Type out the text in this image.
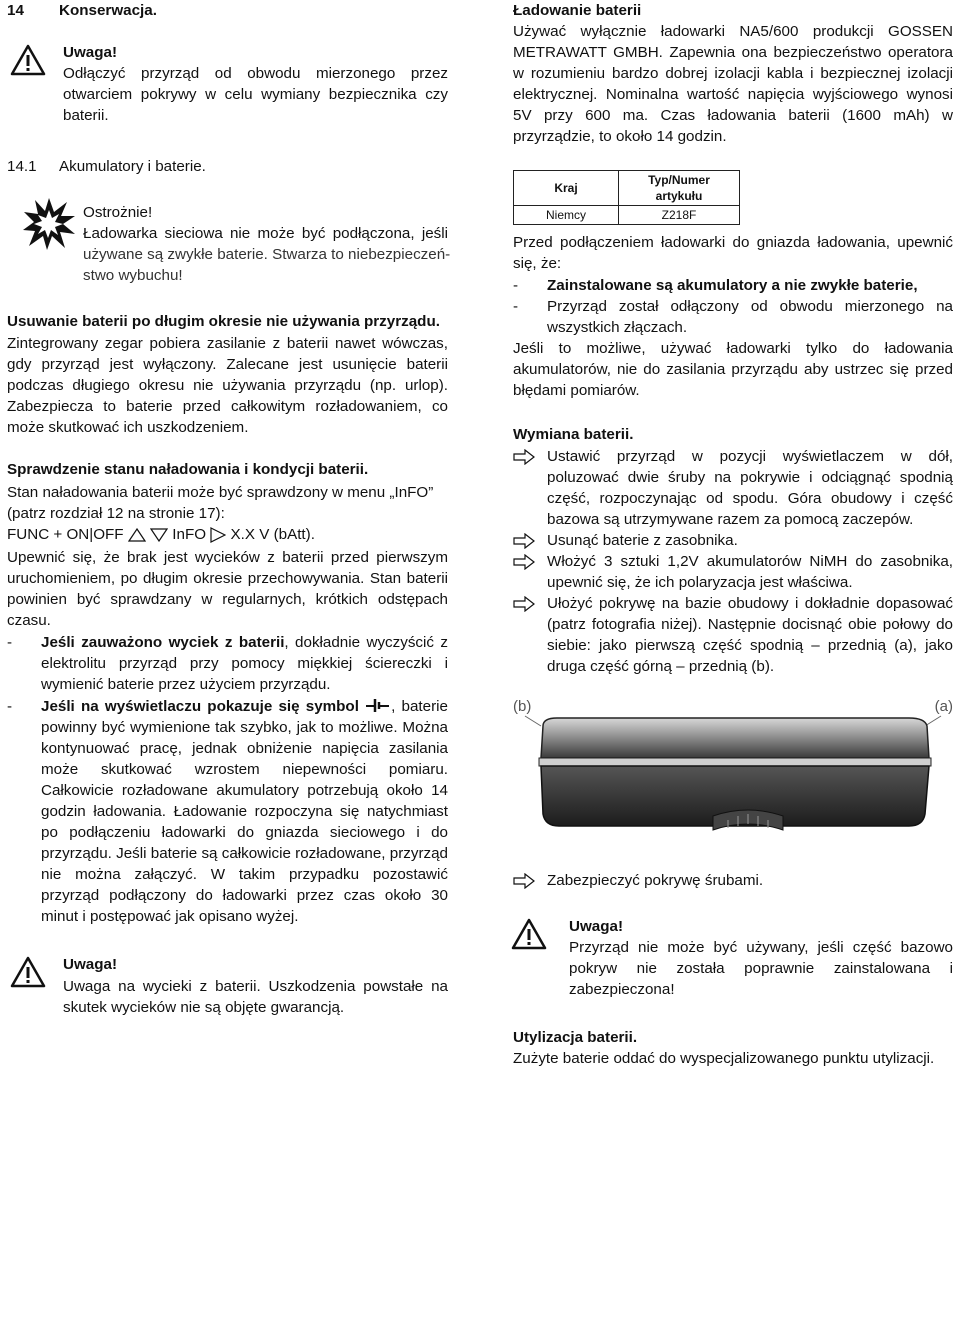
14 Konserwacja.

Uwaga!

Odłączyć przyrząd od obwodu mierzonego przez otwarciem pokrywy w celu wymiany bezpiecznika czy baterii.

14.1 Akumulatory i baterie.

Ostrożnie!

Ładowarka sieciowa nie może być podłączona, jeśli

używane są zwykłe baterie. Stwarza to niebezpieczeń-

stwo wybuchu!

Usuwanie baterii po długim okresie nie używania przyrządu.

Zintegrowany zegar pobiera zasilanie z baterii nawet wówczas, gdy przyrząd jest wyłączony. Zalecane jest usunięcie baterii podczas długiego okresu nie używania przyrządu (np. urlop). Zabezpiecza to baterie przed całkowitym rozładowaniem, co może skutkować ich uszkodzeniem.

Sprawdzenie stanu naładowania i kondycji baterii.

Stan naładowania baterii może być sprawdzony w menu „InFO”

(patrz rozdział 12 na stronie 17):

FUNC + ON|OFF	InFO X.X V (bAtt).

Upewnić się, że brak jest wycieków z baterii przed pierwszym uruchomieniem, po długim okresie przechowywania. Stan baterii powinien być sprawdzany w regularnych, krótkich odstępach czasu.

- Jeśli zauważono wyciek z baterii, dokładnie wyczyścić z elektrolitu przyrząd przy pomocy miękkiej ściereczki i wymienić baterie przez użyciem przyrządu.
- Jeśli na wyświetlaczu pokazuje się symbol , baterie powinny być wymienione tak szybko, jak to możliwe. Można kontynuować pracę, jednak obniżenie napięcia zasilania może skutkować wzrostem niepewności pomiaru. Całkowicie rozładowane akumulatory potrzebują około 14 godzin ładowania. Ładowanie rozpoczyna się natychmiast po podłączeniu ładowarki do gniazda sieciowego i do przyrządu. Jeśli baterie są całkowicie rozładowane, przyrząd nie można załączyć. W takim przypadku pozostawić przyrząd podłączony do ładowarki przez czas około 30 minut i postępować jak opisano wyżej.

Uwaga!

Uwaga na wycieki z baterii. Uszkodzenia powstałe na skutek wycieków nie są objęte gwarancją.

Ładowanie baterii

Używać wyłącznie ładowarki NA5/600 produkcji GOSSEN METRAWATT GMBH. Zapewnia ona bezpieczeństwo operatora w rozumieniu bardzo dobrej izolacji kabla i bezpiecznej izolacji elektrycznej. Nominalna wartość napięcia wyjściowego wynosi 5V przy 600 ma. Czas ładowania baterii (1600 mAh) w przyrządzie, to około 14 godzin.

Kraj	Typ/Numer artykułu
Niemcy	Z218F

Przed podłączeniem ładowarki do gniazda ładowania, upewnić się, że:

- Zainstalowane są akumulatory a nie zwykłe baterie,
- Przyrząd został odłączony od obwodu mierzonego na wszystkich złączach.

Jeśli to możliwe, używać ładowarki tylko do ładowania akumulatorów, nie do zasilania przyrządu aby ustrzec się przed błędami pomiarów.

Wymiana baterii.

Ustawić przyrząd w pozycji wyświetlaczem w dół, poluzować dwie śruby na pokrywie i odciągnąć spodnią część, rozpoczynając od spodu. Góra obudowy i część bazowa są utrzymywane razem za pomocą zaczepów.
Usunąć baterie z zasobnika.
Włożyć 3 sztuki 1,2V akumulatorów NiMH do zasobnika, upewnić się, że ich polaryzacja jest właściwa.
Ułożyć pokrywę na bazie obudowy i dokładnie dopasować (patrz fotografia niżej). Następnie docisnąć obie połowy do siebie: jako pierwszą część spodnią – przednią (a), jako druga część górną – przednią (b).
(b)	(a)
Zabezpieczyć pokrywę śrubami.

Uwaga!

Przyrząd nie może być używany, jeśli część bazowo pokryw nie została poprawnie zainstalowana i zabezpieczona!

Utylizacja baterii.

Zużyte baterie oddać do wyspecjalizowanego punktu utylizacji.
